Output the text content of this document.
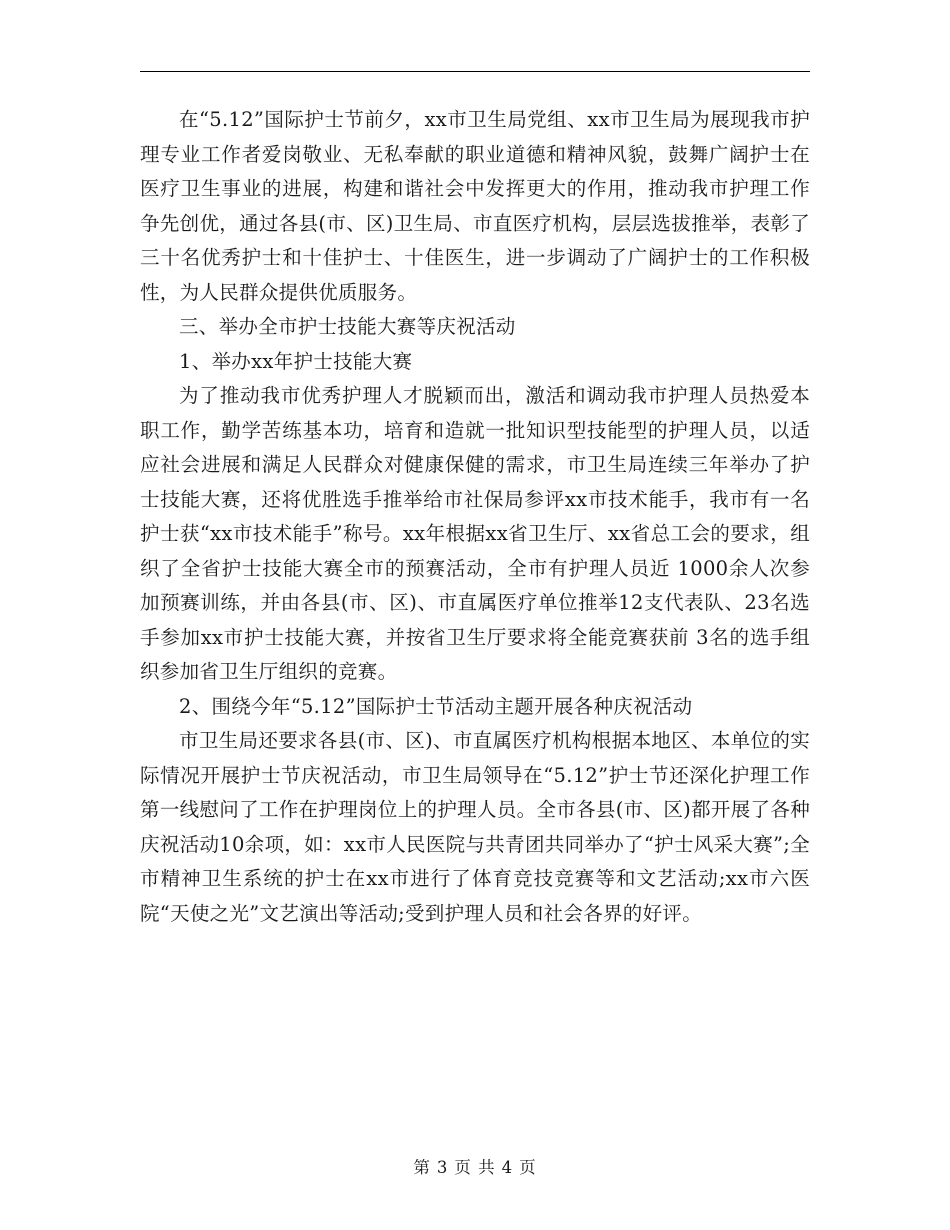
在“5.12”国际护士节前夕，xx市卫生局党组、xx市卫生局为展现我市护理专业工作者爱岗敬业、无私奉献的职业道德和精神风貌，鼓舞广阔护士在医疗卫生事业的进展，构建和谐社会中发挥更大的作用，推动我市护理工作争先创优，通过各县(市、区)卫生局、市直医疗机构，层层选拔推举，表彰了三十名优秀护士和十佳护士、十佳医生，进一步调动了广阔护士的工作积极性，为人民群众提供优质服务。

三、举办全市护士技能大赛等庆祝活动

1、举办xx年护士技能大赛

为了推动我市优秀护理人才脱颖而出，激活和调动我市护理人员热爱本职工作，勤学苦练基本功，培育和造就一批知识型技能型的护理人员，以适应社会进展和满足人民群众对健康保健的需求，市卫生局连续三年举办了护士技能大赛，还将优胜选手推举给市社保局参评xx市技术能手，我市有一名护士获“xx市技术能手”称号。xx年根据xx省卫生厅、xx省总工会的要求，组织了全省护士技能大赛全市的预赛活动，全市有护理人员近 1000余人次参加预赛训练，并由各县(市、区)、市直属医疗单位推举12支代表队、23名选手参加xx市护士技能大赛，并按省卫生厅要求将全能竞赛获前 3名的选手组织参加省卫生厅组织的竞赛。

2、围绕今年“5.12”国际护士节活动主题开展各种庆祝活动

市卫生局还要求各县(市、区)、市直属医疗机构根据本地区、本单位的实际情况开展护士节庆祝活动，市卫生局领导在“5.12”护士节还深化护理工作第一线慰问了工作在护理岗位上的护理人员。全市各县(市、区)都开展了各种庆祝活动10余项，如：xx市人民医院与共青团共同举办了“护士风采大赛”;全市精神卫生系统的护士在xx市进行了体育竞技竞赛等和文艺活动;xx市六医院“天使之光”文艺演出等活动;受到护理人员和社会各界的好评。

第 3 页 共 4 页
